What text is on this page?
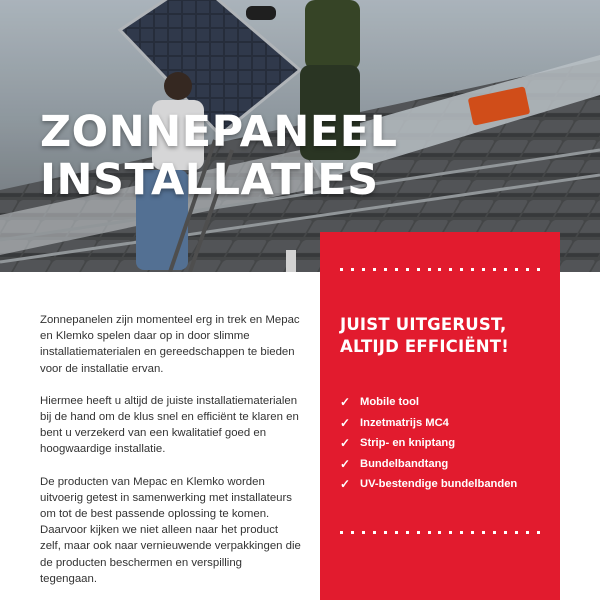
ZONNEPANEEL
INSTALLATIES

Zonnepanelen zijn momenteel erg in trek en Mepac en Klemko spelen daar op in door slimme installatiematerialen en gereedschappen te bieden voor de installatie ervan.

Hiermee heeft u altijd de juiste installatiematerialen bij de hand om de klus snel en efficiënt te klaren en bent u verzekerd van een kwalitatief goed en hoogwaardige installatie.

De producten van Mepac en Klemko worden uitvoerig getest in samenwerking met installateurs om tot de best passende oplossing te komen. Daarvoor kijken we niet alleen naar het product zelf, maar ook naar vernieuwende verpakkingen die de producten beschermen en verspilling tegengaan.

JUIST UITGERUST,
ALTIJD EFFICIËNT!
✓ Mobile tool
✓ Inzetmatrijs MC4
✓ Strip- en kniptang
✓ Bundelbandtang
✓ UV-bestendige bundelbanden
